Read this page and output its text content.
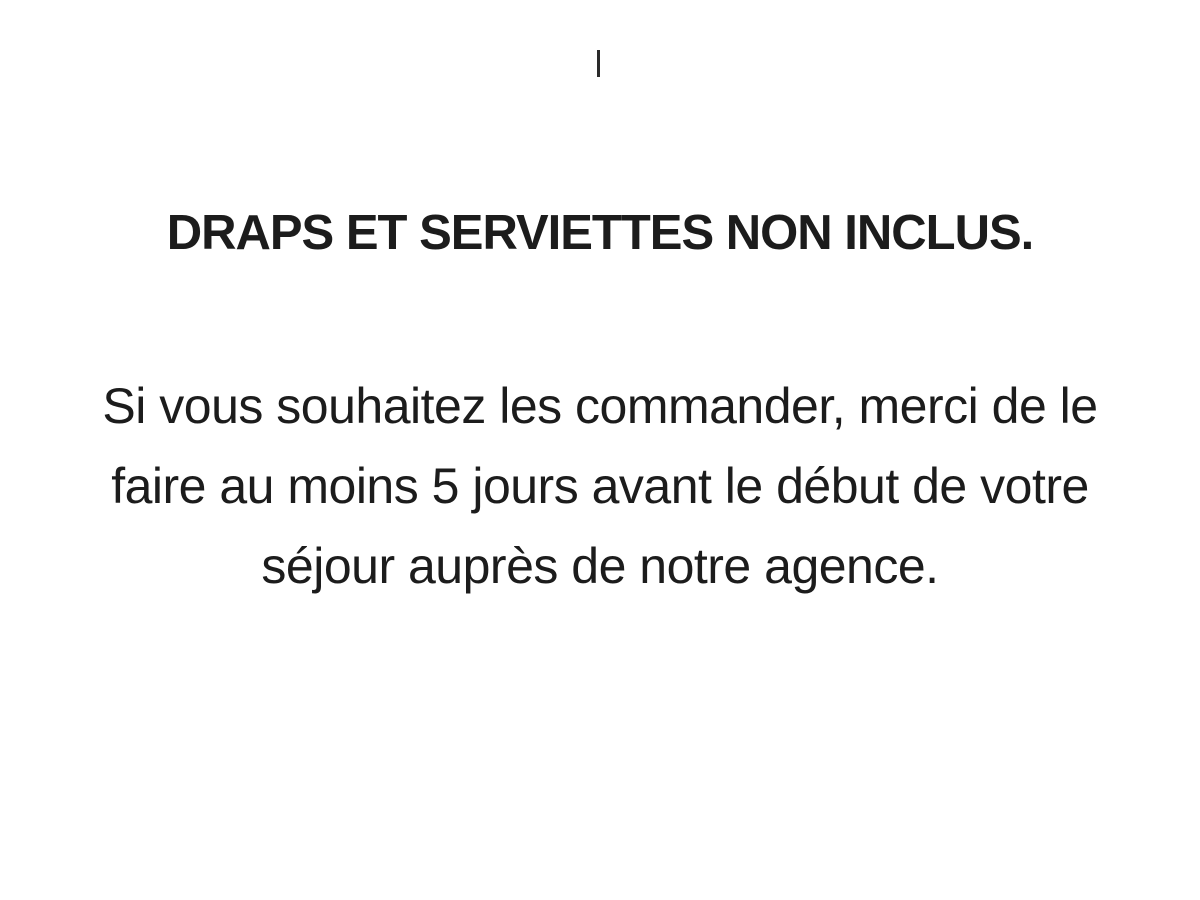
DRAPS ET SERVIETTES NON INCLUS.
Si vous souhaitez les commander, merci de le
faire au moins 5 jours avant le début de votre
séjour auprès de notre agence.
